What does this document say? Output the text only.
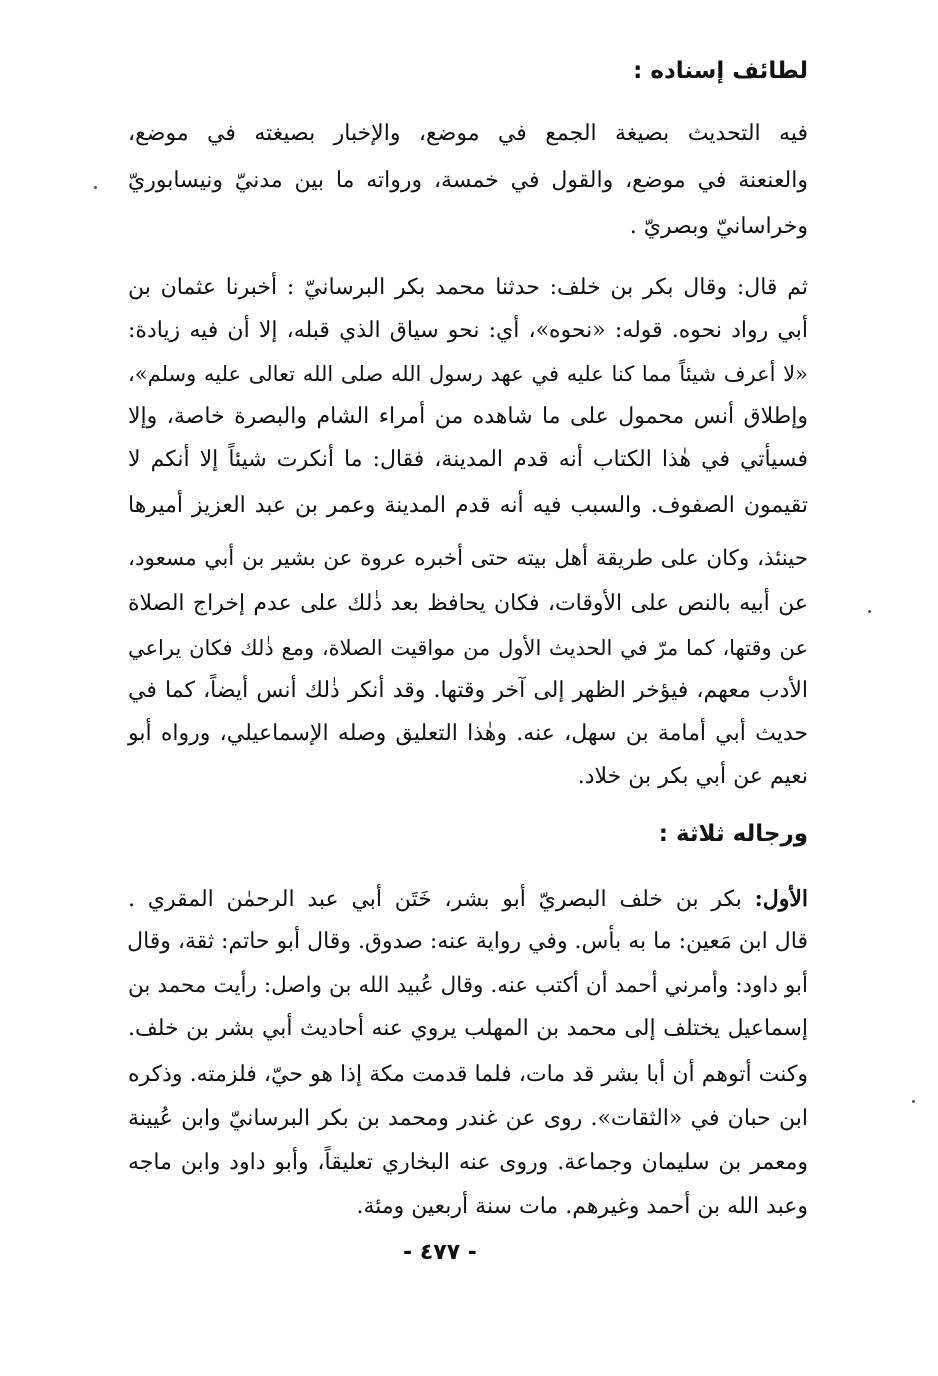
لطائف إسناده :
فيه التحديث بصيغة الجمع في موضع، والإخبار بصيغته في موضع،
والعنعنة في موضع، والقول في خمسة، ورواته ما بين مدنيّ ونيسابوريّ
وخراسانيّ وبصريّ .
ثم قال: وقال بكر بن خلف: حدثنا محمد بكر البرسانيّ : أخبرنا عثمان بن
أبي رواد نحوه. قوله: «نحوه»، أي: نحو سياق الذي قبله، إلا أن فيه زيادة:
«لا أعرف شيئاً مما كنا عليه في عهد رسول الله صلى الله تعالى عليه وسلم»،
وإطلاق أنس محمول على ما شاهده من أمراء الشام والبصرة خاصة، وإلا
فسيأتي في هٰذا الكتاب أنه قدم المدينة، فقال: ما أنكرت شيئاً إلا أنكم لا
تقيمون الصفوف. والسبب فيه أنه قدم المدينة وعمر بن عبد العزيز أميرها
حينئذ، وكان على طريقة أهل بيته حتى أخبره عروة عن بشير بن أبي مسعود،
عن أبيه بالنص على الأوقات، فكان يحافظ بعد ذٰلك على عدم إخراج الصلاة
عن وقتها، كما مرّ في الحديث الأول من مواقيت الصلاة، ومع ذٰلك فكان يراعي
الأدب معهم، فيؤخر الظهر إلى آخر وقتها. وقد أنكر ذٰلك أنس أيضاً، كما في
حديث أبي أمامة بن سهل، عنه. وهٰذا التعليق وصله الإسماعيلي، ورواه أبو
نعيم عن أبي بكر بن خلاد.
ورجاله ثلاثة :
الأول: بكر بن خلف البصريّ أبو بشر، خَتَن أبي عبد الرحمٰن المقري .
قال ابن مَعين: ما به بأس. وفي رواية عنه: صدوق. وقال أبو حاتم: ثقة، وقال
أبو داود: وأمرني أحمد أن أكتب عنه. وقال عُبيد الله بن واصل: رأيت محمد بن
إسماعيل يختلف إلى محمد بن المهلب يروي عنه أحاديث أبي بشر بن خلف.
وكنت أتوهم أن أبا بشر قد مات، فلما قدمت مكة إذا هو حيّ، فلزمته. وذكره
ابن حبان في «الثقات». روى عن غندر ومحمد بن بكر البرسانيّ وابن عُيينة
ومعمر بن سليمان وجماعة. وروى عنه البخاري تعليقاً، وأبو داود وابن ماجه
وعبد الله بن أحمد وغيرهم. مات سنة أربعين ومئة.
- ٤٧٧ -
